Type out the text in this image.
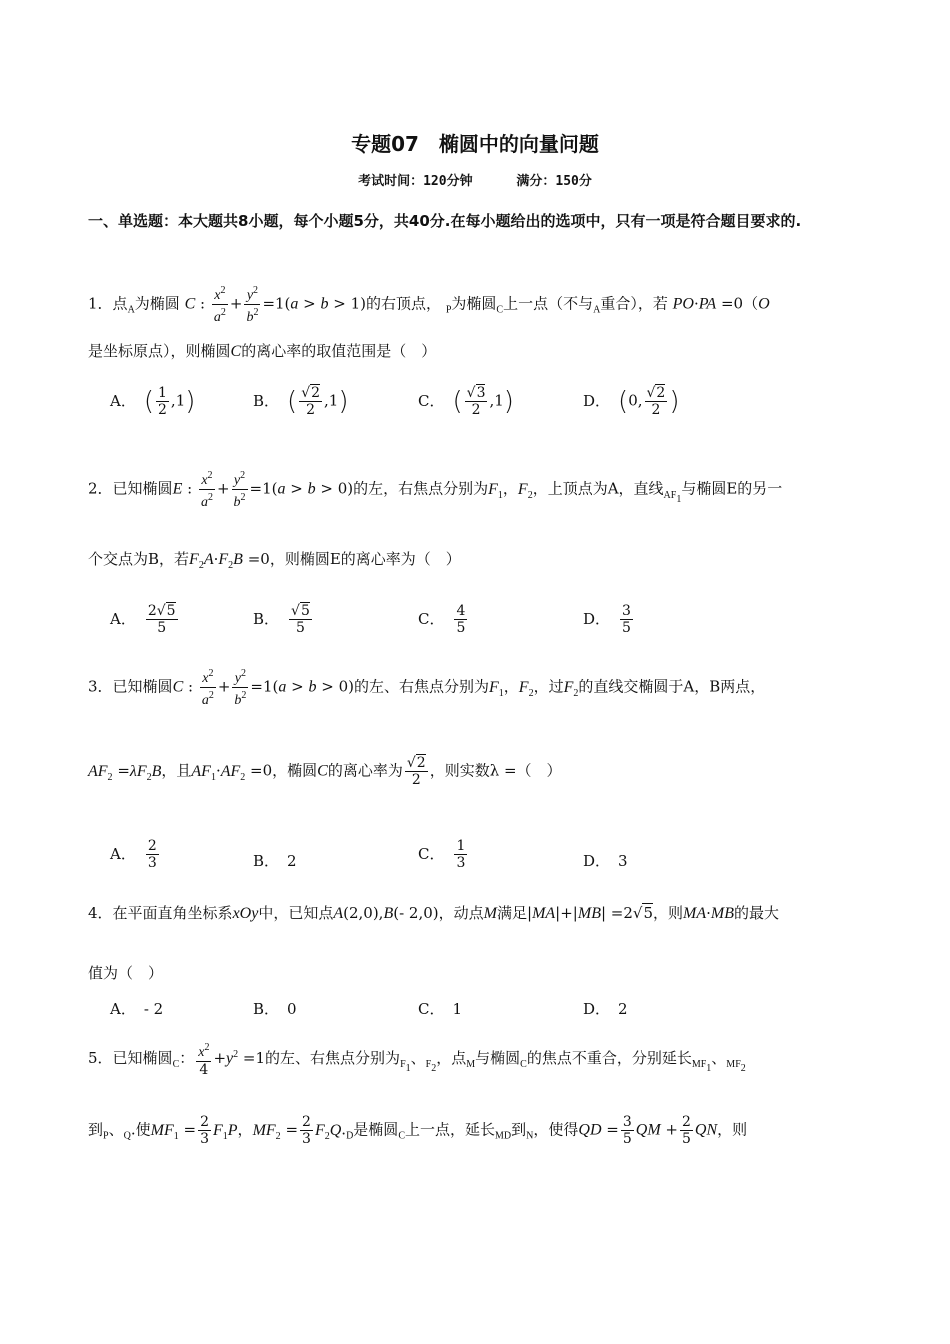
专题07　椭圆中的向量问题
考试时间：120分钟	满分：150分
一、单选题：本大题共8小题，每个小题5分，共40分.在每小题给出的选项中，只有一项是符合题目要求的.
1．点$_A$为椭圆 C : $\frac{x^2}{a^2} + \frac{y^2}{b^2} =1(a > b > 1)$的右顶点， $_P$为椭圆$_C$上一点（不与$_A$重合），若 PO·PA =0（O
是坐标原点），则椭圆C的离心率的取值范围是（　）
A． ( $\frac{1}{2} ,1$)	B． ( $\frac{√2}{2} ,1$)	C． ( $\frac{√3}{2} ,1$)	D． (0, $\frac{√2}{2}$ )
2．已知椭圆E : $\frac{x^2}{a^2} + \frac{y^2}{b^2} =1(a > b > 0)$的左，右焦点分别为$F_1$，$F_2$，上顶点为A，直线$_{AF1}$与椭圆E的另一
个交点为B，若$F_2A\cdot F_2B =0$，则椭圆E的离心率为（　）
A． $\frac{2√5}{5}$	B． $\frac{√5}{5}$	C． $\frac{4}{5}$	D． $\frac{3}{5}$
3．已知椭圆C : $\frac{x^2}{a^2} + \frac{y^2}{b^2} =1(a > b > 0)$的左、右焦点分别为$F_1$，$F_2$，过$F_2$的直线交椭圆于A，B两点，
$AF_2 =\lambda F_2B$，且$AF_1\cdot AF_2 =0$，椭圆C的离心率为 $\frac{√2}{2}$ ，则实数λ =（　）
A． $\frac{2}{3}$	B． 2	C． $\frac{1}{3}$	D． 3
4．在平面直角坐标系xOy中，已知点A(2,0),B(- 2,0)，动点M满足|MA|+|MB| =2√5，则MA·MB的最大
值为（　）
A． - 2	B． 0	C． 1	D． 2
5．已知椭圆$_C$： $\frac{x^2}{4} +y^2 =1$的左、右焦点分别为$_{F1}$、$_{F2}$，点$_M$与椭圆$_C$的焦点不重合，分别延长$_{MF1}$、$_{MF2}$
到$_P$、$_Q$.使$MF_1 = \frac{2}{3} F_1P$，$MF_2 = \frac{2}{3} F_2Q._D$是椭圆$_C$上一点，延长$_{MD}$到$_N$，使得QD = $\frac{3}{5}$ QM + $\frac{2}{5}$ QN，则
